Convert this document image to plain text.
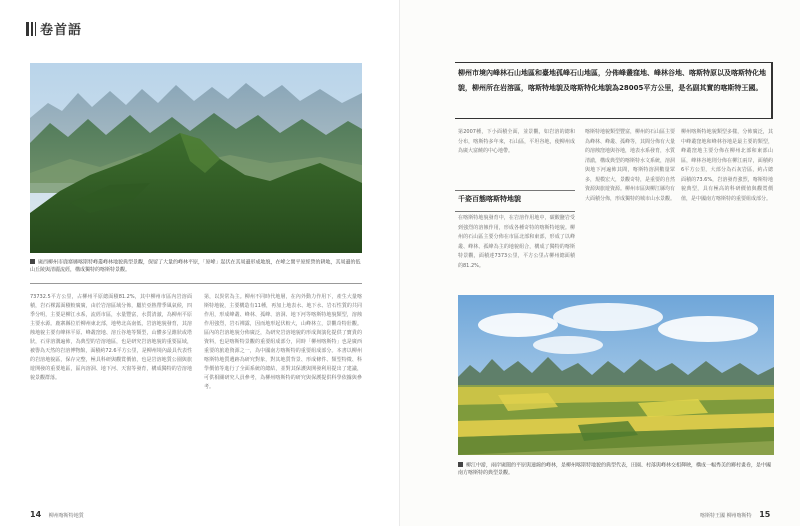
卷首語
廣西柳州市鹿寨縣喀斯特峰叢峰林地貌典型景觀，保留了大量的峰林平原，「原峰」起伏在其周邊形成地貌，在峰之間平原經營的耕地，其周邊的低山丘陵與清麗流經，構成獨特的喀斯特景觀。
73732.5平方公里，占柳州平原總面積81.2%，其中柳州市區內岩溶面積，岩石裸露面積較廣廣，由於岩溶區域分佈，屬於亞熱帶季風氣候，四季分明，主要是柳江水系，流經市區，水量豐富，水質清澈，為柳州平原主要水源。鹿寨縣位於柳州東北部，地勢北高南低，岩溶地貌發育，其溶蝕地貌主要有峰林平原、峰叢窪地、溶丘谷地等類型，山體多呈錐狀或塔狀，石芽溶溝遍佈，為典型的岩溶地區，也是研究岩溶地貌的重要區域，被譽為天然的岩溶博物館，面積約72.6平方公里，是柳州境內最具代表性的岩溶地貌區，保存完整，極具科研與觀賞價值，也是岩溶地質公園與旅遊開發的重要地區，區內溶洞、地下河、天窗等發育，構成獨特的岩溶地貌景觀群落。
第，以異常為主。柳州不同時代地層，在內外動力作用下，產生大量喀斯特地貌，主要構造有11種，再加上地表水、地下水、岩石性質的共同作用，形成峰叢、峰林、孤峰、溶洞、地下河等喀斯特地貌類型，溶蝕作用強烈，岩石裸露，因而地形起伏較大，山峰林立，景觀奇特壯觀。區內的岩溶地貌分佈廣泛，為研究岩溶地貌的形成與演化提供了寶貴的資料，也是喀斯特景觀的重要組成部分，同時「柳州喀斯特」也是廣西重要的旅遊資源之一，為中國南方喀斯特的重要組成部分。本書以柳州喀斯特地質遺跡為研究對象，對其地質背景、形成條件、類型特徵、科學價值等進行了全面系統的總結，並對其保護與開發利用提出了建議，可供相關研究人員參考，為柳州喀斯特的研究與保護提供科學依據與參考。
14 柳州喀斯特地質
柳州市境內峰林石山地區和臺地孤峰石山地區，分佈峰叢窪地、峰林谷地、喀斯特原以及喀斯特化地貌，柳州所在岩溶區，喀斯特地貌及喀斯特化地貌為28005平方公里，是名副其實的喀斯特王國。
第2007種，下小面積全面，並景觀，如岩溶的總和分布，喀斯特多年來，石山區，平坦谷地，使柳州成為廣大富饒的中心地帶。
千姿百態喀斯特地貌
在喀斯特地貌發育中，在岩溶作用地中，碳酸鹽岩受到強烈的溶蝕作用，形成各種奇特的喀斯特地貌。柳州的石山區主要分佈在市區北部和東部，形成了以峰叢、峰林、孤峰為主的地貌組合，構成了獨特的喀斯特景觀，面積達7373公里，平方公里占柳州總面積的81.2%。
喀斯特地貌類型豐富，柳州的石山區主要為峰林、峰叢、孤峰等，其間分佈有大量的溶蝕窪地與谷地，地表水系發育，水質清澈，構成典型的喀斯特水文系統，溶洞與地下河遍佈其間，喀斯特溶洞數量眾多，規模宏大，景觀奇特，是重要的自然資源與旅遊資源。柳州市區與柳江縣均有大面積分佈，形成獨特的城市山水景觀。
柳州喀斯特地貌類型多樣，分佈廣泛，其中峰叢窪地和峰林谷地是最主要的類型，峰叢窪地主要分佈在柳州北部和東部山區，峰林谷地則分佈在柳江兩岸，面積約6平方公里，大部分為石灰岩區，約占總面積的73.6%，岩溶發育強烈，喀斯特地貌典型，具有極高的科研價值與觀賞價值，是中國南方喀斯特的重要組成部分。
柳江中游，兩岸廣闊的平原與連綿的峰林，是柳州喀斯特地貌的典型代表，田園、村落與峰林交相輝映，構成一幅秀美的鄉村畫卷，是中國南方喀斯特的典型景觀。
喀斯特王國 柳州喀斯特 15
